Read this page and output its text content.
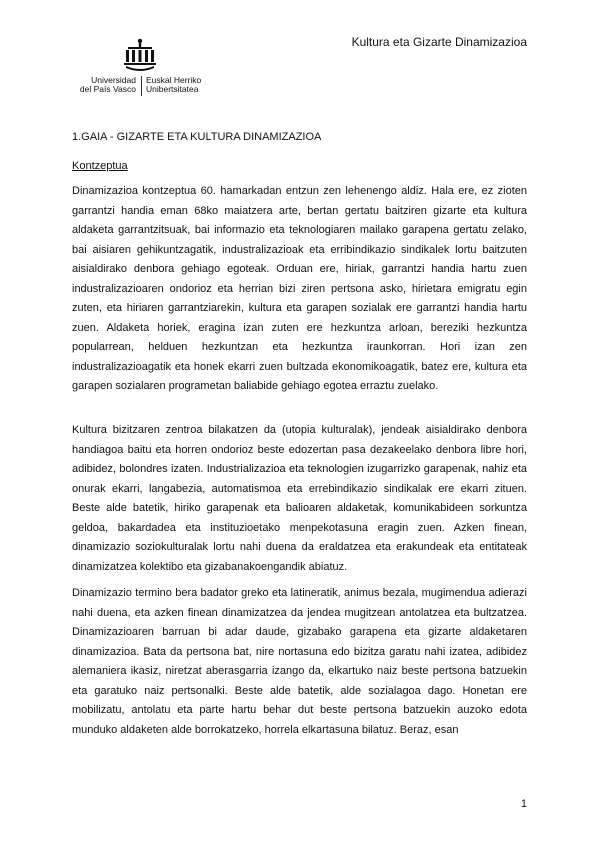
Kultura eta Gizarte Dinamizazioa
Universidad
del País Vasco
Euskal Herriko
Unibertsitatea
1.GAIA - GIZARTE ETA KULTURA DINAMIZAZIOA
Kontzeptua

Dinamizazioa kontzeptua 60. hamarkadan entzun zen lehenengo aldiz. Hala ere, ez zioten garrantzi handia eman 68ko maiatzera arte, bertan gertatu baitziren gizarte eta kultura aldaketa garrantzitsuak, bai informazio eta teknologiaren mailako garapena gertatu zelako, bai aisiaren gehikuntzagatik, industralizazioak eta erribindikazio sindikalek lortu baitzuten aisialdirako denbora gehiago egoteak. Orduan ere, hiriak, garrantzi handia hartu zuen industralizazioaren ondorioz eta herrian bizi ziren pertsona asko, hirietara emigratu egin zuten, eta hiriaren garrantziarekin, kultura eta garapen sozialak ere garrantzi handia hartu zuen. Aldaketa horiek, eragina izan zuten ere hezkuntza arloan, bereziki hezkuntza popularrean, helduen hezkuntzan eta hezkuntza iraunkorran. Hori izan zen industralizazioagatik eta honek ekarri zuen bultzada ekonomikoagatik, batez ere, kultura eta garapen sozialaren programetan baliabide gehiago egotea erraztu zuelako.

Kultura bizitzaren zentroa bilakatzen da (utopia kulturalak), jendeak aisialdirako denbora handiagoa baitu eta horren ondorioz beste edozertan pasa dezakeelako denbora libre hori, adibidez, bolondres izaten. Industrializazioa eta teknologien izugarrizko garapenak, nahiz eta onurak ekarri, langabezia, automatismoa eta errebindikazio sindikalak ere ekarri zituen. Beste alde batetik, hiriko garapenak eta balioaren aldaketak, komunikabideen sorkuntza geldoa, bakardadea eta instituzioetako menpekotasuna eragin zuen. Azken finean, dinamizazio soziokulturalak lortu nahi duena da eraldatzea eta erakundeak eta entitateak dinamizatzea kolektibo eta gizabanakoengandik abiatuz.

Dinamizazio termino bera badator greko eta latineratik, animus bezala, mugimendua adierazi nahi duena, eta azken finean dinamizatzea da jendea mugitzean antolatzea eta bultzatzea. Dinamizazioaren barruan bi adar daude, gizabako garapena eta gizarte aldaketaren dinamizazioa. Bata da pertsona bat, nire nortasuna edo bizitza garatu nahi izatea, adibidez alemaniera ikasiz, niretzat aberasgarria izango da, elkartuko naiz beste pertsona batzuekin eta garatuko naiz pertsonalki. Beste alde batetik, alde sozialagoa dago. Honetan ere mobilizatu, antolatu eta parte hartu behar dut beste pertsona batzuekin auzoko edota munduko aldaketen alde borrokatzeko, horrela elkartasuna bilatuz. Beraz, esan

1
